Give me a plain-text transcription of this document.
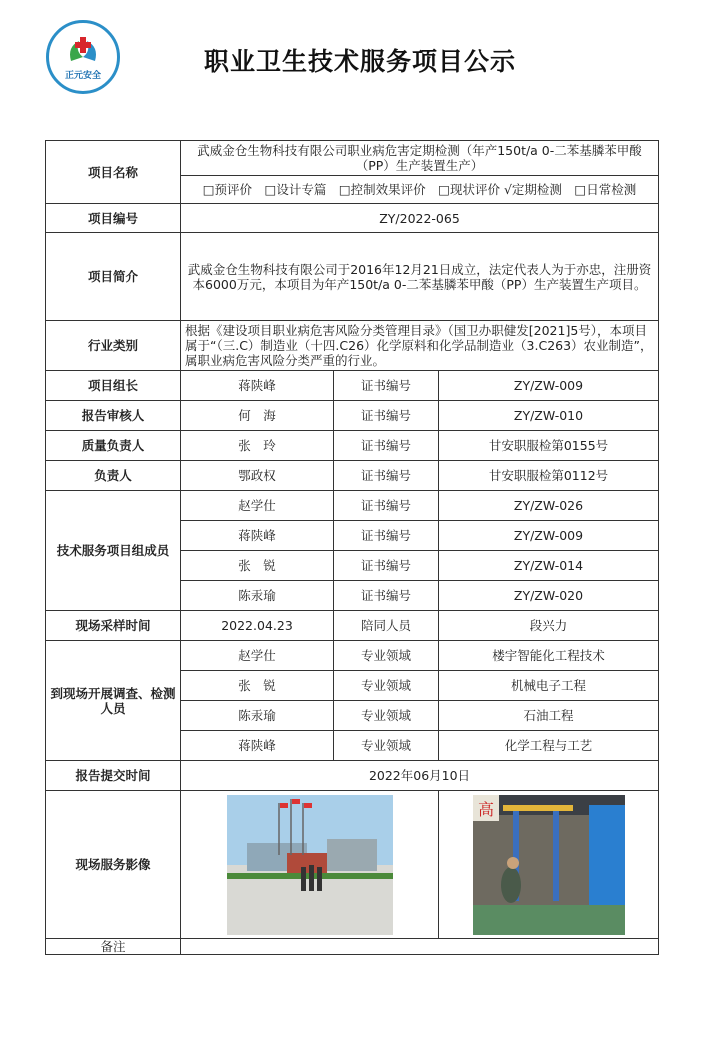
正元安全	职业卫生技术服务项目公示
项目名称	武威金仓生物科技有限公司职业病危害定期检测（年产150t/a 0-二苯基膦苯甲酸（PP）生产装置生产）		
	□预评价　□设计专篇　□控制效果评价　□现状评价 √定期检测　□日常检测		
项目编号	ZY/2022-065		
项目简介	武威金仓生物科技有限公司于2016年12月21日成立，法定代表人为于亦忠，注册资本6000万元，本项目为年产150t/a 0-二苯基膦苯甲酸（PP）生产装置生产项目。		
行业类别	根据《建设项目职业病危害风险分类管理目录》（国卫办职健发[2021]5号），本项目属于“（三.C）制造业（十四.C26）化学原料和化学品制造业（3.C263）农业制造”，属职业病危害风险分类严重的行业。		
项目组长	蒋陕峰	证书编号	ZY/ZW-009
报告审核人	何　海	证书编号	ZY/ZW-010
质量负责人	张　玲	证书编号	甘安职服检第0155号
负责人	鄂政权	证书编号	甘安职服检第0112号
技术服务项目组成员	赵学仕	证书编号	ZY/ZW-026
	蒋陕峰	证书编号	ZY/ZW-009
	张　锐	证书编号	ZY/ZW-014
	陈汞瑜	证书编号	ZY/ZW-020
现场采样时间	2022.04.23	陪同人员	段兴力
到现场开展调查、检测人员	赵学仕	专业领域	楼宇智能化工程技术
	张　锐	专业领域	机械电子工程
	陈汞瑜	专业领域	石油工程
	蒋陕峰	专业领域	化学工程与工艺
报告提交时间	2022年06月10日		
现场服务影像			高

备注			
